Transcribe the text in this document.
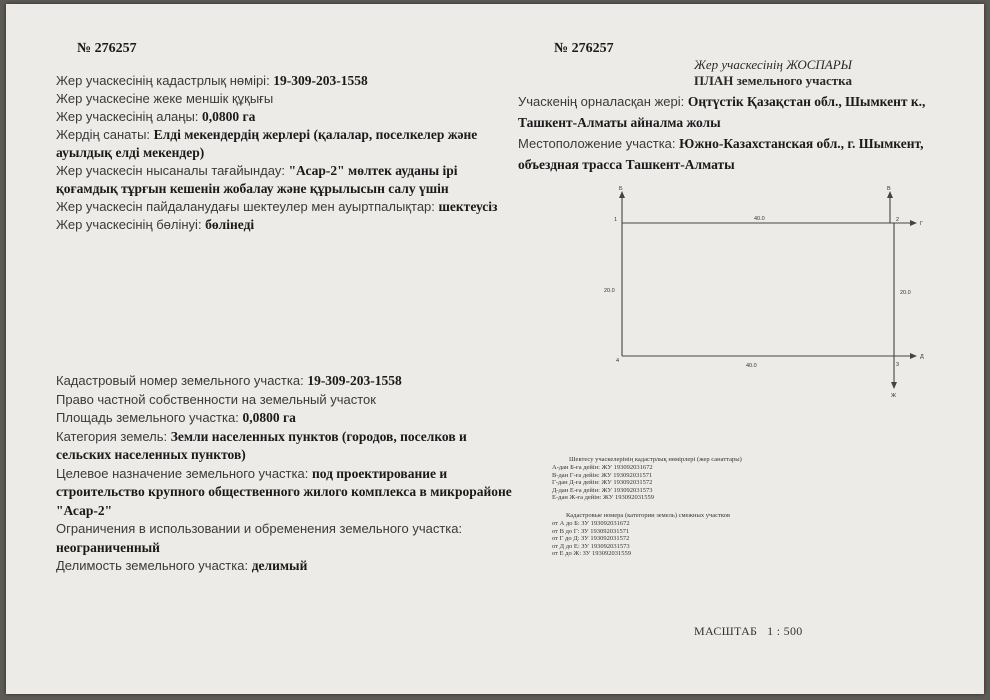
№ 276257	№ 276257
Жер учаскесінің кадастрлық нөмірі: 19-309-203-1558
Жер учаскесіне жеке меншік құқығы
Жер учаскесінің алаңы: 0,0800 га
Жердің санаты: Елді мекендердің жерлері (қалалар, поселкелер және
ауылдық елді мекендер)
Жер учаскесін нысаналы тағайындау: "Асар-2" мөлтек ауданы ірі
қоғамдық тұрғын кешенін жобалау және құрылысын салу үшін
Жер учаскесін пайдаланудағы шектеулер мен ауыртпалықтар: шектеусіз
Жер учаскесінің бөлінуі: бөлінеді
Кадастровый номер земельного участка: 19-309-203-1558
Право частной собственности на земельный участок
Площадь земельного участка: 0,0800 га
Категория земель: Земли населенных пунктов (городов, поселков и
сельских населенных пунктов)
Целевое назначение земельного участка: под проектирование и
строительство крупного общественного жилого комплекса в микрорайоне
"Асар-2"
Ограничения в использовании и обременения земельного участка:
неограниченный
Делимость земельного участка: делимый
Жер учаскесінің ЖОСПАРЫ
ПЛАН земельного участка
Учаскенің орналасқан жері: Оңтүстік Қазақстан обл., Шымкент к.,
Ташкент-Алматы айналма жолы
Местоположение участка: Южно-Казахстанская обл., г. Шымкент,
объездная трасса Ташкент-Алматы
1	2
3
4
Б	В
Г
Д
Ж
40.0
40.0
20.0	20.0
Шектесу учаскелерінің кадастрлық нөмірлері (жер санаттары)
А-дан Б-ға дейін: ЖУ 193092031672
В-дан Г-ға дейін: ЖУ 193092031571
Г-дан Д-ға дейін: ЖУ 193092031572
Д-дан Е-ға дейін: ЖУ 193092031573
Е-дан Ж-ға дейін: ЖУ 193092031559
Кадастровые номера (категории земель) смежных участков
от А до Б: ЗУ 193092031672
от В до Г: ЗУ 193092031571
от Г до Д: ЗУ 193092031572
от Д до Е: ЗУ 193092031573
от Е до Ж: ЗУ 193092031559
МАСШТАБ   1 : 500
